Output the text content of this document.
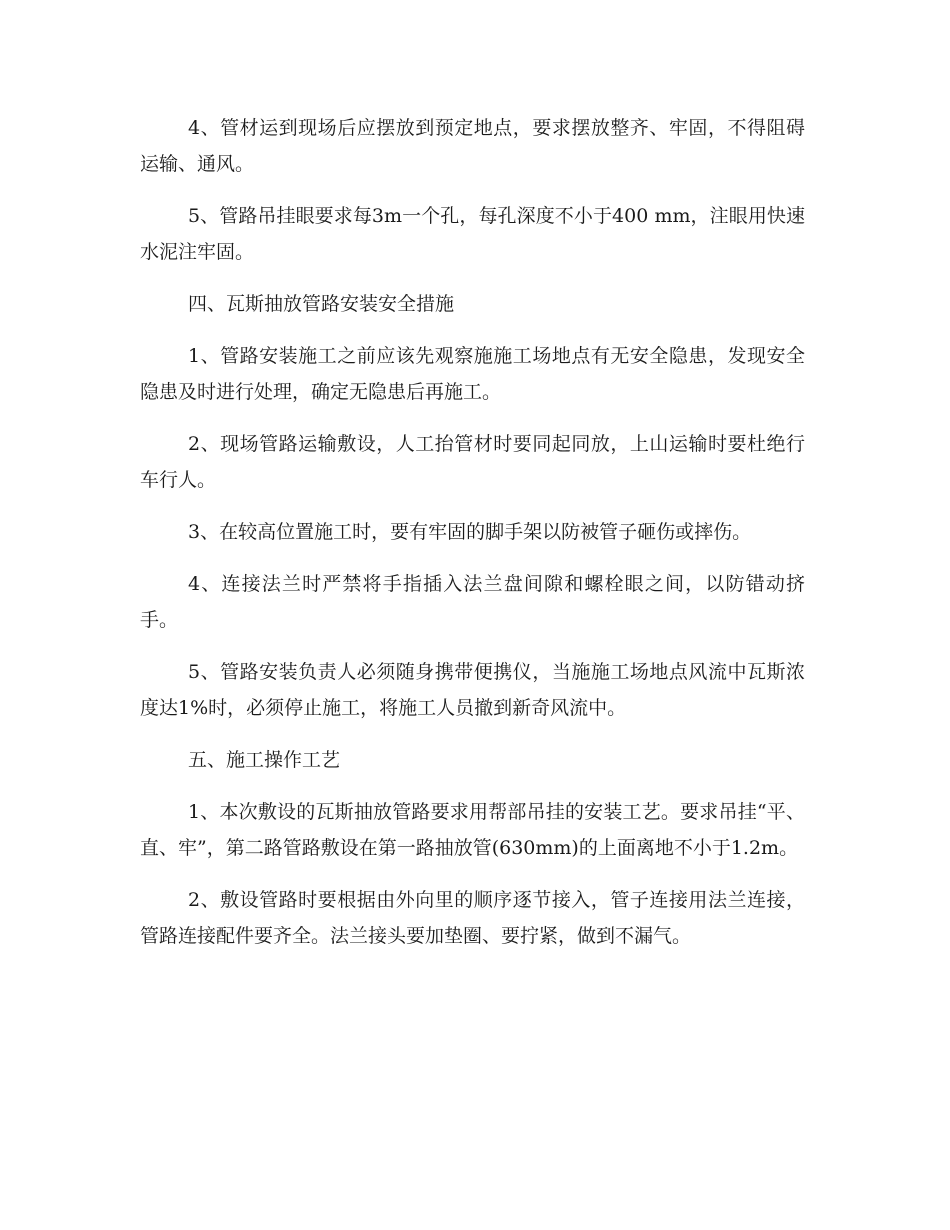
4、管材运到现场后应摆放到预定地点，要求摆放整齐、牢固，不得阻碍运输、通风。

5、管路吊挂眼要求每3m一个孔，每孔深度不小于400 mm，注眼用快速水泥注牢固。

四、瓦斯抽放管路安装安全措施

1、管路安装施工之前应该先观察施施工场地点有无安全隐患，发现安全隐患及时进行处理，确定无隐患后再施工。

2、现场管路运输敷设，人工抬管材时要同起同放，上山运输时要杜绝行车行人。

3、在较高位置施工时，要有牢固的脚手架以防被管子砸伤或摔伤。

4、连接法兰时严禁将手指插入法兰盘间隙和螺栓眼之间，以防错动挤手。

5、管路安装负责人必须随身携带便携仪，当施施工场地点风流中瓦斯浓度达1%时，必须停止施工，将施工人员撤到新奇风流中。

五、施工操作工艺

1、本次敷设的瓦斯抽放管路要求用帮部吊挂的安装工艺。要求吊挂“平、直、牢”，第二路管路敷设在第一路抽放管(630mm)的上面离地不小于1.2m。

2、敷设管路时要根据由外向里的顺序逐节接入，管子连接用法兰连接，管路连接配件要齐全。法兰接头要加垫圈、要拧紧，做到不漏气。
